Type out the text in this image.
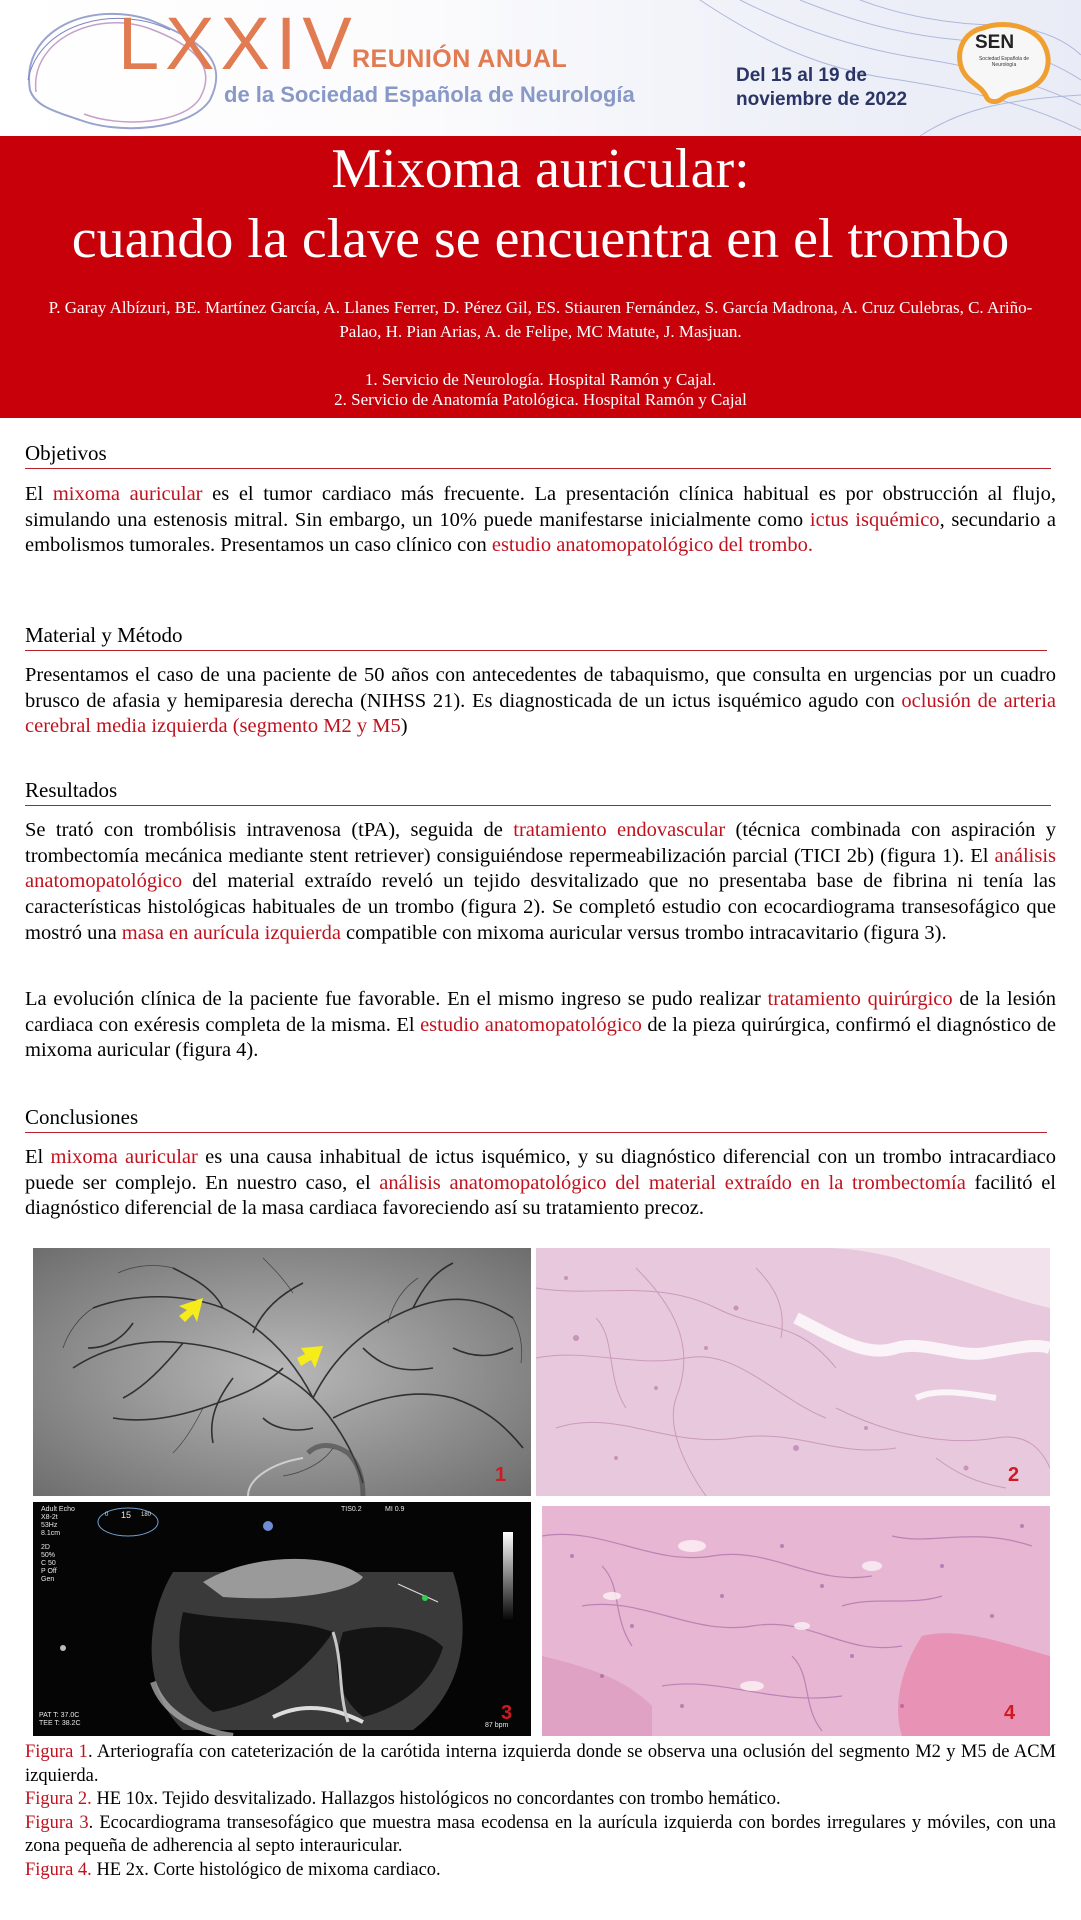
LXXIV
REUNIÓN ANUAL
de la Sociedad Española de Neurología
Del 15 al 19 de
noviembre de 2022
SEN
Sociedad Española de Neurología
Mixoma auricular:
cuando la clave se encuentra en el trombo
P. Garay Albízuri, BE. Martínez García, A. Llanes Ferrer, D. Pérez Gil, ES. Stiauren Fernández, S. García Madrona, A. Cruz Culebras, C. Ariño-Palao, H. Pian Arias, A. de Felipe, MC Matute, J. Masjuan.
1. Servicio de Neurología. Hospital Ramón y Cajal.
2. Servicio de Anatomía Patológica. Hospital Ramón y Cajal
Objetivos
El mixoma auricular es el tumor cardiaco más frecuente. La presentación clínica habitual es por obstrucción al flujo, simulando una estenosis mitral. Sin embargo, un 10% puede manifestarse inicialmente como ictus isquémico, secundario a embolismos tumorales. Presentamos un caso clínico con estudio anatomopatológico del trombo.
Material y Método
Presentamos el caso de una paciente de 50 años con antecedentes de tabaquismo, que consulta en urgencias por un cuadro brusco de afasia y hemiparesia derecha (NIHSS 21). Es diagnosticada de un ictus isquémico agudo con oclusión de arteria cerebral media izquierda (segmento M2 y M5)
Resultados
Se trató con trombólisis intravenosa (tPA), seguida de tratamiento endovascular (técnica combinada con aspiración y trombectomía mecánica mediante stent retriever) consiguiéndose repermeabilización parcial (TICI 2b) (figura 1). El análisis anatomopatológico del material extraído reveló un tejido desvitalizado que no presentaba base de fibrina ni tenía las características histológicas habituales de un trombo (figura 2). Se completó estudio con ecocardiograma transesofágico que mostró una masa en aurícula izquierda compatible con mixoma auricular versus trombo intracavitario (figura 3).
La evolución clínica de la paciente fue favorable. En el mismo ingreso se pudo realizar tratamiento quirúrgico de la lesión cardiaca con exéresis completa de la misma. El estudio anatomopatológico de la pieza quirúrgica, confirmó el diagnóstico de mixoma auricular (figura 4).
Conclusiones
El mixoma auricular es una causa inhabitual de ictus isquémico, y su diagnóstico diferencial con un trombo intracardiaco puede ser complejo. En nuestro caso, el análisis anatomopatológico del material extraído en la trombectomía facilitó el diagnóstico diferencial de la masa cardiaca favoreciendo así su tratamiento precoz.
1	2
Adult Echo
X8-2t
53Hz
8.1cm
2D
50%
C 50
P Off
Gen
0 15 180
TIS0.2	MI 0.9
PAT T: 37.0C
TEE T: 38.2C	87 bpm
3	4
Figura 1. Arteriografía con cateterización de la carótida interna izquierda donde se observa una oclusión del segmento M2 y M5 de ACM izquierda.
Figura 2. HE 10x. Tejido desvitalizado. Hallazgos histológicos no concordantes con trombo hemático.
Figura 3. Ecocardiograma transesofágico que muestra masa ecodensa en la aurícula izquierda con bordes irregulares y móviles, con una zona pequeña de adherencia al septo interauricular.
Figura 4. HE 2x. Corte histológico de mixoma cardiaco.
